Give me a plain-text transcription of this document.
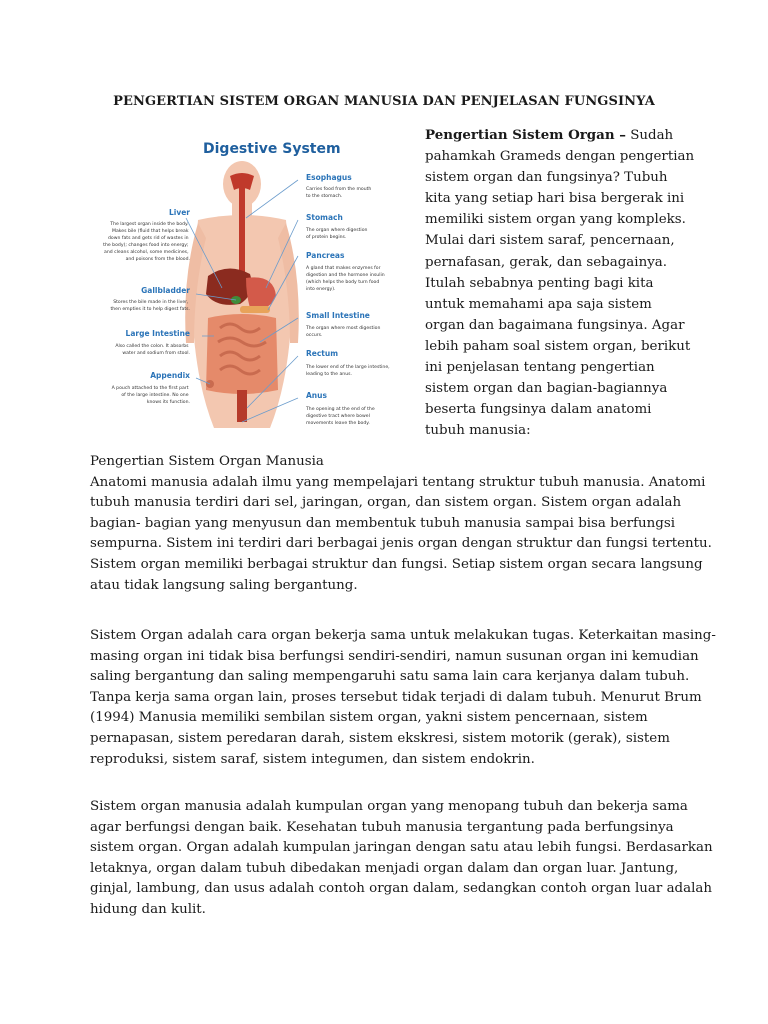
PENGERTIAN SISTEM ORGAN MANUSIA DAN PENJELASAN FUNGSINYA
Digestive System
Liver
The largest organ inside the body. Makes bile (fluid that helps break down fats and gets rid of wastes in the body); changes food into energy; and cleans alcohol, some medicines, and poisons from the blood.
Gallbladder
Stores the bile made in the liver, then empties it to help digest fats.
Large Intestine
Also called the colon. It absorbs water and sodium from stool.
Appendix
A pouch attached to the first part of the large intestine. No one knows its function.
Esophagus
Carries food from the mouth to the stomach.
Stomach
The organ where digestion of protein begins.
Pancreas
A gland that makes enzymes for digestion and the hormone insulin (which helps the body turn food into energy).
Small Intestine
The organ where most digestion occurs.
Rectum
The lower end of the large intestine, leading to the anus.
Anus
The opening at the end of the digestive tract where bowel movements leave the body.
Pengertian Sistem Organ – Sudah
pahamkah Grameds dengan pengertian
sistem organ dan fungsinya? Tubuh
kita yang setiap hari bisa bergerak ini
memiliki sistem organ yang kompleks.
Mulai dari sistem saraf, pencernaan,
pernafasan, gerak, dan sebagainya.
Itulah sebabnya penting bagi kita
untuk memahami apa saja sistem
organ dan bagaimana fungsinya. Agar
lebih paham soal sistem organ, berikut
ini penjelasan tentang pengertian
sistem organ dan bagian-bagiannya
beserta fungsinya dalam anatomi
tubuh manusia:
Pengertian Sistem Organ Manusia
Anatomi manusia adalah ilmu yang mempelajari tentang struktur tubuh manusia. Anatomi
tubuh manusia terdiri dari sel, jaringan, organ, dan sistem organ. Sistem organ adalah
bagian- bagian yang menyusun dan membentuk tubuh manusia sampai bisa berfungsi
sempurna. Sistem ini terdiri dari berbagai jenis organ dengan struktur dan fungsi tertentu.
Sistem organ memiliki berbagai struktur dan fungsi. Setiap sistem organ secara langsung
atau tidak langsung saling bergantung.
Sistem Organ adalah cara organ bekerja sama untuk melakukan tugas. Keterkaitan masing-
masing organ ini tidak bisa berfungsi sendiri-sendiri, namun susunan organ ini kemudian
saling bergantung dan saling mempengaruhi satu sama lain cara kerjanya dalam tubuh.
Tanpa kerja sama organ lain, proses tersebut tidak terjadi di dalam tubuh. Menurut Brum
(1994) Manusia memiliki sembilan sistem organ, yakni sistem pencernaan, sistem
pernapasan, sistem peredaran darah, sistem ekskresi, sistem motorik (gerak), sistem
reproduksi, sistem saraf, sistem integumen, dan sistem endokrin.
Sistem organ manusia adalah kumpulan organ yang menopang tubuh dan bekerja sama
agar berfungsi dengan baik. Kesehatan tubuh manusia tergantung pada berfungsinya
sistem organ. Organ adalah kumpulan jaringan dengan satu atau lebih fungsi. Berdasarkan
letaknya, organ dalam tubuh dibedakan menjadi organ dalam dan organ luar. Jantung,
ginjal, lambung, dan usus adalah contoh organ dalam, sedangkan contoh organ luar adalah
hidung dan kulit.
